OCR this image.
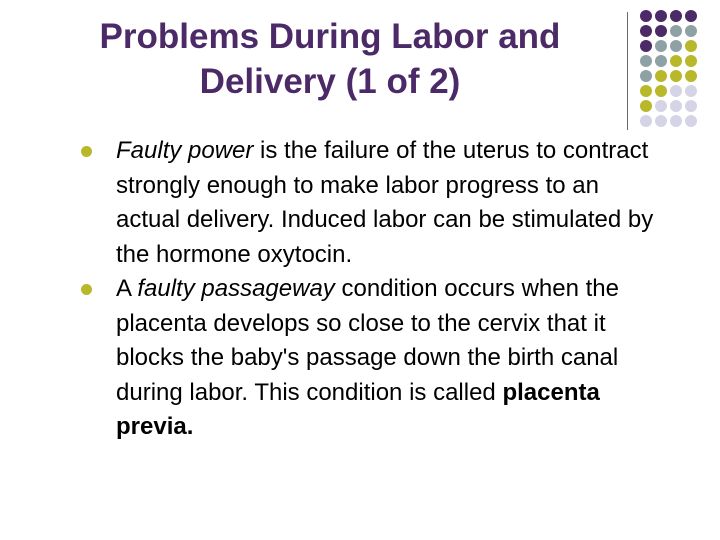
Problems During Labor and
Delivery (1 of 2)
Faulty power is the failure of the uterus to contract strongly enough to make labor progress to an actual delivery. Induced labor can be stimulated by the hormone oxytocin.
A faulty passageway condition occurs when the placenta develops so close to the cervix that it blocks the baby's passage down the birth canal during labor. This condition is called placenta previa.
